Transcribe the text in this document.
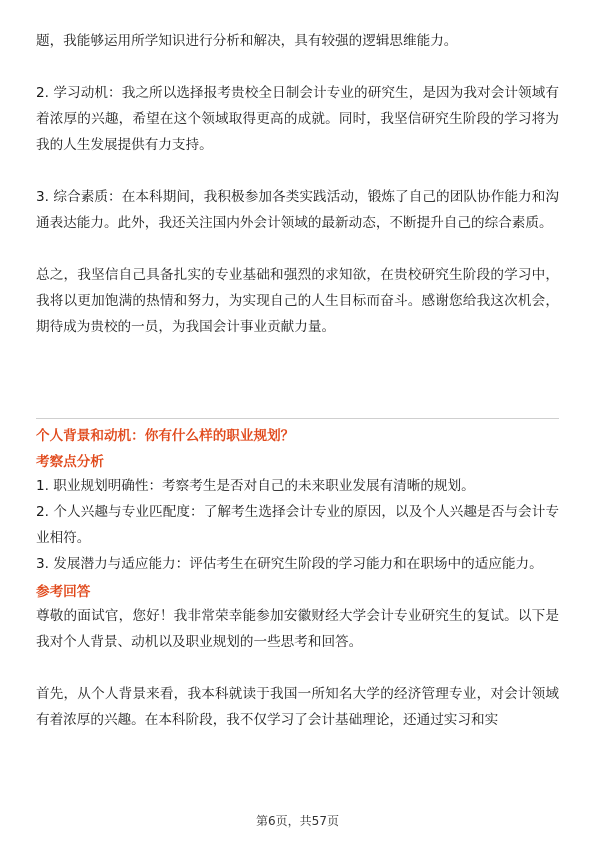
题，我能够运用所学知识进行分析和解决，具有较强的逻辑思维能力。

2. 学习动机：我之所以选择报考贵校全日制会计专业的研究生，是因为我对会计领域有着浓厚的兴趣，希望在这个领域取得更高的成就。同时，我坚信研究生阶段的学习将为我的人生发展提供有力支持。

3. 综合素质：在本科期间，我积极参加各类实践活动，锻炼了自己的团队协作能力和沟通表达能力。此外，我还关注国内外会计领域的最新动态，不断提升自己的综合素质。

总之，我坚信自己具备扎实的专业基础和强烈的求知欲，在贵校研究生阶段的学习中，我将以更加饱满的热情和努力，为实现自己的人生目标而奋斗。感谢您给我这次机会，期待成为贵校的一员，为我国会计事业贡献力量。

个人背景和动机：你有什么样的职业规划？

考察点分析

1. 职业规划明确性：考察考生是否对自己的未来职业发展有清晰的规划。

2. 个人兴趣与专业匹配度：了解考生选择会计专业的原因，以及个人兴趣是否与会计专业相符。

3. 发展潜力与适应能力：评估考生在研究生阶段的学习能力和在职场中的适应能力。

参考回答

尊敬的面试官，您好！我非常荣幸能参加安徽财经大学会计专业研究生的复试。以下是我对个人背景、动机以及职业规划的一些思考和回答。

首先，从个人背景来看，我本科就读于我国一所知名大学的经济管理专业，对会计领域有着浓厚的兴趣。在本科阶段，我不仅学习了会计基础理论，还通过实习和实

第6页，共57页
